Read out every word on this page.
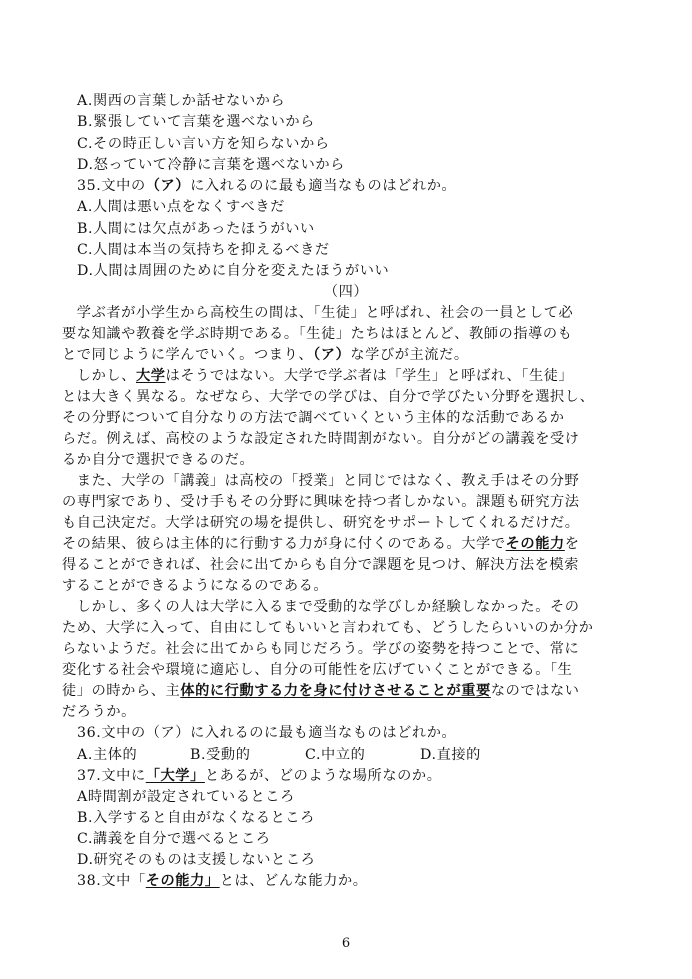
A.関西の言葉しか話せないから
B.緊張していて言葉を選べないから
C.その時正しい言い方を知らないから
D.怒っていて冷静に言葉を選べないから
35.文中の（ア）に入れるのに最も適当なものはどれか。
A.人間は悪い点をなくすべきだ
B.人間には欠点があったほうがいい
C.人間は本当の気持ちを抑えるべきだ
D.人間は周囲のために自分を変えたほうがいい
（四）
　学ぶ者が小学生から高校生の間は、「生徒」と呼ばれ、社会の一員として必
要な知識や教養を学ぶ時期である。「生徒」たちはほとんど、教師の指導のも
とで同じように学んでいく。つまり、（ア）な学びが主流だ。
　しかし、大学はそうではない。大学で学ぶ者は「学生」と呼ばれ、「生徒」
とは大きく異なる。なぜなら、大学での学びは、自分で学びたい分野を選択し、
その分野について自分なりの方法で調べていくという主体的な活動であるか
らだ。例えば、高校のような設定された時間割がない。自分がどの講義を受け
るか自分で選択できるのだ。
　また、大学の「講義」は高校の「授業」と同じではなく、教え手はその分野
の専門家であり、受け手もその分野に興味を持つ者しかない。課題も研究方法
も自己決定だ。大学は研究の場を提供し、研究をサポートしてくれるだけだ。
その結果、彼らは主体的に行動する力が身に付くのである。大学でその能力を
得ることができれば、社会に出てからも自分で課題を見つけ、解決方法を模索
することができるようになるのである。
　しかし、多くの人は大学に入るまで受動的な学びしか経験しなかった。その
ため、大学に入って、自由にしてもいいと言われても、どうしたらいいのか分か
らないようだ。社会に出てからも同じだろう。学びの姿勢を持つことで、常に
変化する社会や環境に適応し、自分の可能性を広げていくことができる。「生
徒」の時から、主体的に行動する力を身に付けさせることが重要なのではない
だろうか。
36.文中の（ア）に入れるのに最も適当なものはどれか。
A.主体的	B.受動的	C.中立的	D.直接的
37.文中に「大学」とあるが、どのような場所なのか。
A時間割が設定されているところ
B.入学すると自由がなくなるところ
C.講義を自分で選べるところ
D.研究そのものは支援しないところ
38.文中「その能力」とは、どんな能力か。
6
